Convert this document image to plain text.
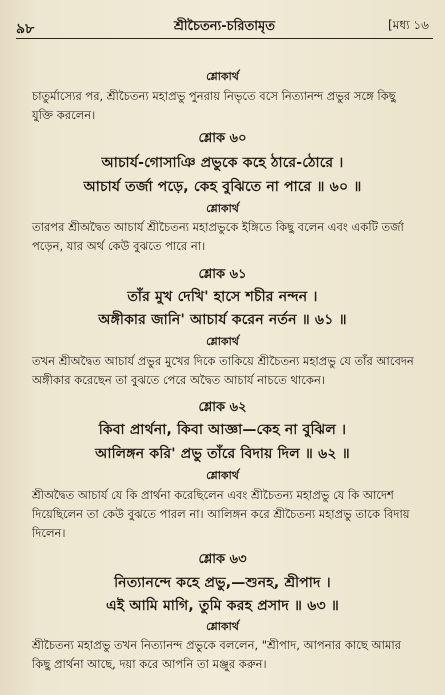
৯৮	শ্রীচৈতন্য-চরিতামৃত	[মধ্য ১৬
শ্লোকার্থ
চাতুর্মাস্যের পর, শ্রীচৈতন্য মহাপ্রভু পুনরায় নিভৃতে বসে নিত্যানন্দ প্রভুর সঙ্গে কিছু
যুক্তি করলেন।
শ্লোক ৬০
আচার্য-গোসাঞি প্রভুকে কহে ঠারে-ঠোরে ।
আচার্য তর্জা পড়ে, কেহ বুঝিতে না পারে ॥ ৬০ ॥
শ্লোকার্থ
তারপর শ্রীঅদ্বৈত আচার্য শ্রীচৈতন্য মহাপ্রভুকে ইঙ্গিতে কিছু বলেন এবং একটি তর্জা
পড়েন, যার অর্থ কেউ বুঝতে পারে না।
শ্লোক ৬১
তাঁর মুখ দেখি' হাসে শচীর নন্দন ।
অঙ্গীকার জানি' আচার্য করেন নর্তন ॥ ৬১ ॥
শ্লোকার্থ
তখন শ্রীঅদ্বৈত আচার্য প্রভুর মুখের দিকে তাকিয়ে শ্রীচৈতন্য মহাপ্রভু যে তাঁর আবেদন
অঙ্গীকার করেছেন তা বুঝতে পেরে অদ্বৈত আচার্য নাচতে থাকেন।
শ্লোক ৬২
কিবা প্রার্থনা, কিবা আজ্ঞা—কেহ না বুঝিল ।
আলিঙ্গন করি' প্রভু তাঁরে বিদায় দিল ॥ ৬২ ॥
শ্লোকার্থ
শ্রীঅদ্বৈত আচার্য যে কি প্রার্থনা করেছিলেন এবং শ্রীচৈতন্য মহাপ্রভু যে কি আদেশ
দিয়েছিলেন তা কেউ বুঝতে পারল না। আলিঙ্গন করে শ্রীচৈতন্য মহাপ্রভু তাকে বিদায়
দিলেন।
শ্লোক ৬৩
নিত্যানন্দে কহে প্রভু,—শুনহ, শ্রীপাদ ।
এই আমি মাগি, তুমি করহ প্রসাদ ॥ ৬৩ ॥
শ্লোকার্থ
শ্রীচৈতন্য মহাপ্রভু তখন নিত্যানন্দ প্রভুকে বললেন, "শ্রীপাদ, আপনার কাছে আমার
কিছু প্রার্থনা আছে, দয়া করে আপনি তা মঞ্জুর করুন।
